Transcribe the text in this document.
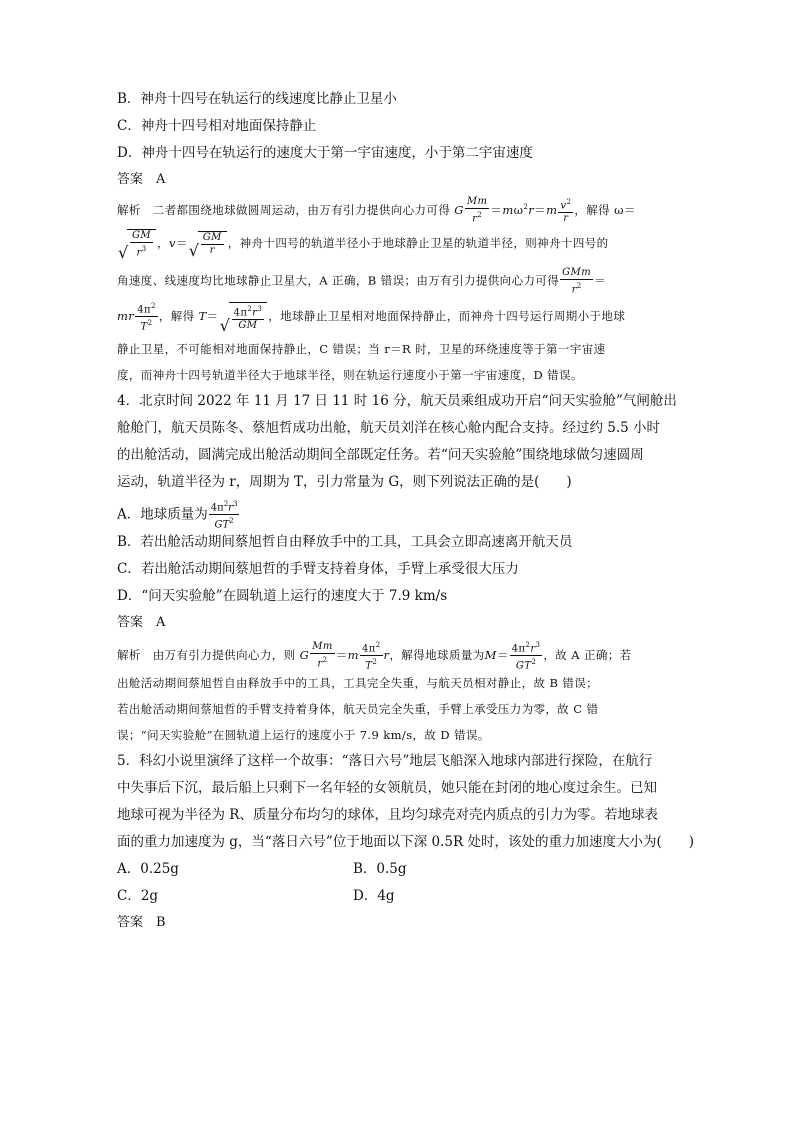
B．神舟十四号在轨运行的线速度比静止卫星小
C．神舟十四号相对地面保持静止
D．神舟十四号在轨运行的速度大于第一宇宙速度，小于第二宇宙速度
答案　 A
解析　 二者都围绕地球做圆周运动，由万有引力提供向心力可得 G $\frac{Mm}{r^2} =m\omega^2r=m \frac{v^2}{r}$ ，解得 ω＝
√ $\frac{GM}{r^3}$ ，v＝ √ $\frac{GM}{r}$ ，神舟十四号的轨道半径小于地球静止卫星的轨道半径，则神舟十四号的
角速度、线速度均比地球静止卫星大，A 正确，B 错误；由万有引力提供向心力可得 $\frac{\text{GMm}}{r^2}$ ＝
mr $\frac{4\pi^2}{T^2}$ ，解得 T＝ √ $\frac{4\pi^2r^3}{GM}$ ，地球静止卫星相对地面保持静止，而神舟十四号运行周期小于地球
静止卫星，不可能相对地面保持静止，C 错误；当 r＝R 时，卫星的环绕速度等于第一宇宙速
度，而神舟十四号轨道半径大于地球半径，则在轨运行速度小于第一宇宙速度，D 错误。
4．北京时间 2022 年 11 月 17 日 11 时 16 分，航天员乘组成功开启“问天实验舱”气闸舱出
舱舱门，航天员陈冬、蔡旭哲成功出舱，航天员刘洋在核心舱内配合支持。经过约 5.5 小时
的出舱活动，圆满完成出舱活动期间全部既定任务。若“问天实验舱”围绕地球做匀速圆周
运动，轨道半径为 r，周期为 T，引力常量为 G，则下列说法正确的是(　　)
A．地球质量为 $\frac{4\pi^2r^3}{GT^2}$
B．若出舱活动期间蔡旭哲自由释放手中的工具，工具会立即高速离开航天员
C．若出舱活动期间蔡旭哲的手臂支持着身体，手臂上承受很大压力
D．“问天实验舱”在圆轨道上运行的速度大于 7.9 km/s
答案　 A
解析　 由万有引力提供向心力，则 G $\frac{Mm}{r^2} =m \frac{4\pi^2}{T^2}$ r，解得地球质量为$M= \frac{4\pi^2r^3}{GT^2}$ ，故 A 正确；若
出舱活动期间蔡旭哲自由释放手中的工具，工具完全失重，与航天员相对静止，故 B 错误；
若出舱活动期间蔡旭哲的手臂支持着身体，航天员完全失重，手臂上承受压力为零，故 C 错
误；“问天实验舱”在圆轨道上运行的速度小于 7.9 km/s，故 D 错误。
5．科幻小说里演绎了这样一个故事：“落日六号”地层飞船深入地球内部进行探险，在航行
中失事后下沉，最后船上只剩下一名年轻的女领航员，她只能在封闭的地心度过余生。已知
地球可视为半径为 R、质量分布均匀的球体，且均匀球壳对壳内质点的引力为零。若地球表
面的重力加速度为 g，当“落日六号”位于地面以下深 0.5R 处时，该处的重力加速度大小为(　　)
A．0.25g	B．0.5g
C．2g	D．4g
答案　 B
